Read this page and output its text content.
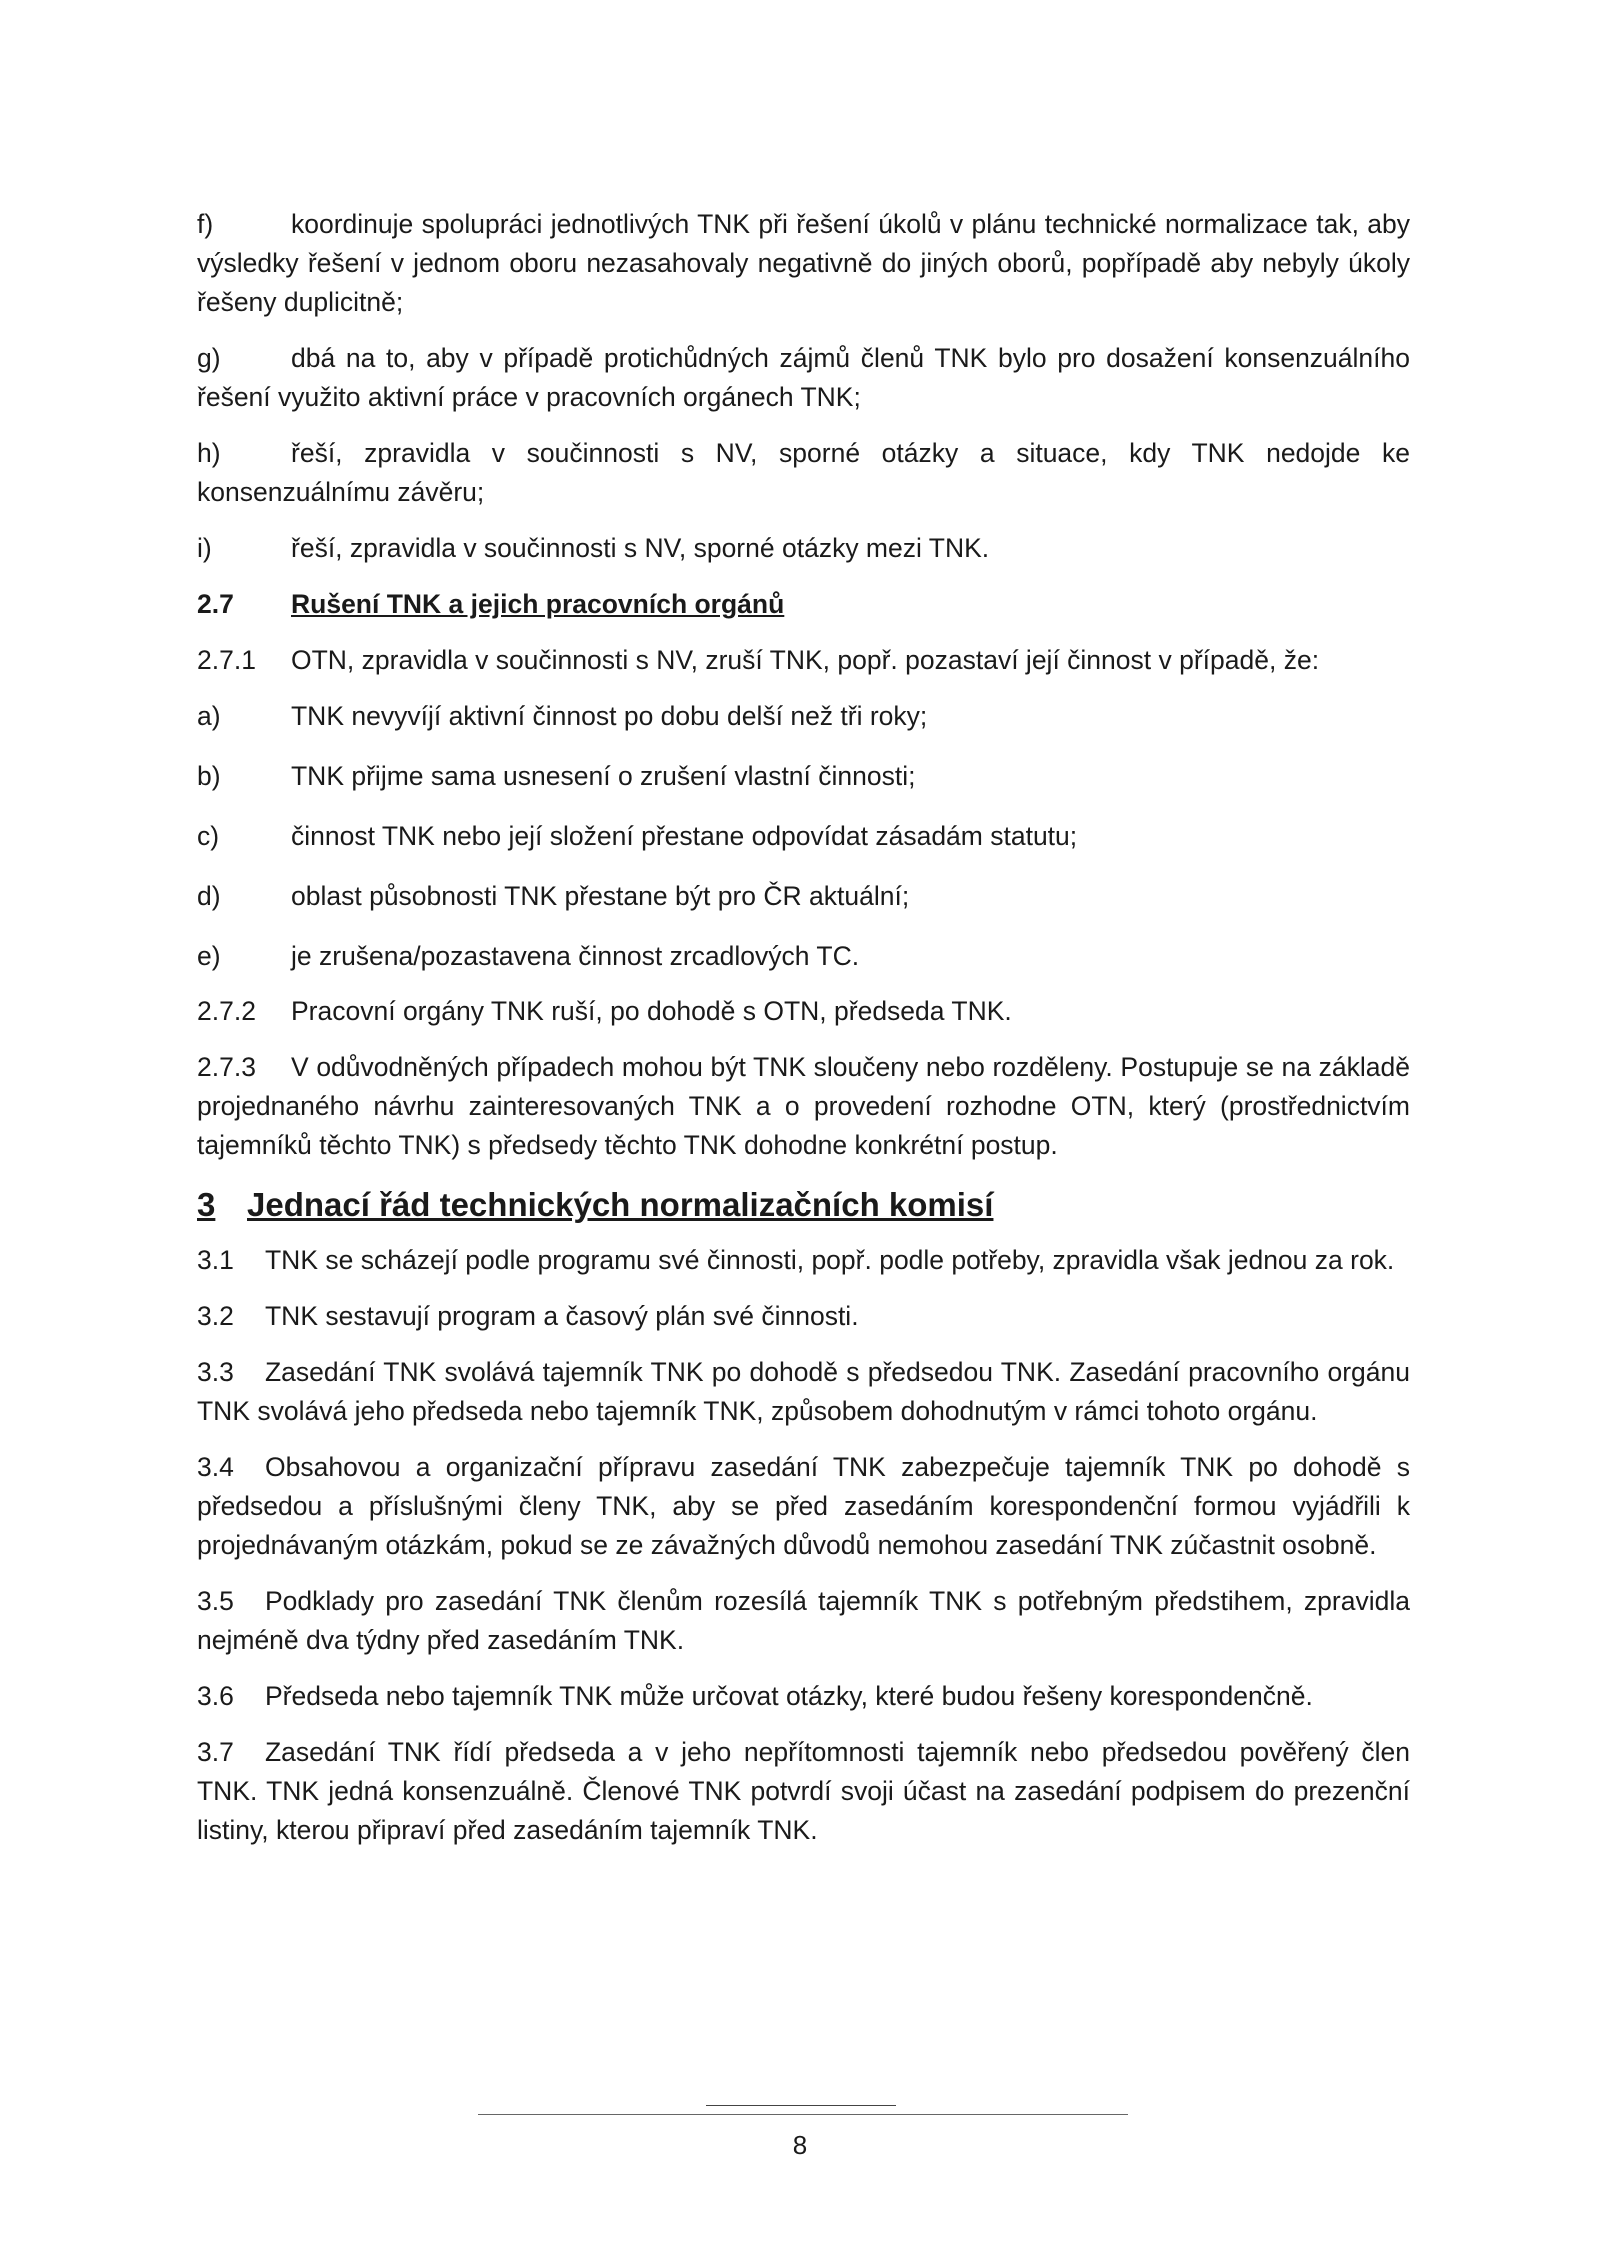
f)	koordinuje spolupráci jednotlivých TNK při řešení úkolů v plánu technické normalizace tak, aby výsledky řešení v jednom oboru nezasahovaly negativně do jiných oborů, popřípadě aby nebyly úkoly řešeny duplicitně;

g)	dbá na to, aby v případě protichůdných zájmů členů TNK bylo pro dosažení konsenzuálního řešení využito aktivní práce v pracovních orgánech TNK;

h)	řeší, zpravidla v součinnosti s NV, sporné otázky a situace, kdy TNK nedojde ke konsenzuálnímu závěru;

i)	řeší, zpravidla v součinnosti s NV, sporné otázky mezi TNK.

2.7	Rušení TNK a jejich pracovních orgánů

2.7.1 OTN, zpravidla v součinnosti s NV, zruší TNK, popř. pozastaví její činnost v případě, že:

a)	TNK nevyvíjí aktivní činnost po dobu delší než tři roky;
b)	TNK přijme sama usnesení o zrušení vlastní činnosti;
c)	činnost TNK nebo její složení přestane odpovídat zásadám statutu;
d)	oblast působnosti TNK přestane být pro ČR aktuální;
e)	je zrušena/pozastavena činnost zrcadlových TC.

2.7.2 Pracovní orgány TNK ruší, po dohodě s OTN, předseda TNK.

2.7.3 V odůvodněných případech mohou být TNK sloučeny nebo rozděleny. Postupuje se na základě projednaného návrhu zainteresovaných TNK a o provedení rozhodne OTN, který (prostřednictvím tajemníků těchto TNK) s předsedy těchto TNK dohodne konkrétní postup.

3 Jednací řád technických normalizačních komisí

3.1 TNK se scházejí podle programu své činnosti, popř. podle potřeby, zpravidla však jednou za rok.

3.2 TNK sestavují program a časový plán své činnosti.

3.3 Zasedání TNK svolává tajemník TNK po dohodě s předsedou TNK. Zasedání pracovního orgánu TNK svolává jeho předseda nebo tajemník TNK, způsobem dohodnutým v rámci tohoto orgánu.

3.4 Obsahovou a organizační přípravu zasedání TNK zabezpečuje tajemník TNK po dohodě s předsedou a příslušnými členy TNK, aby se před zasedáním korespondenční formou vyjádřili k projednávaným otázkám, pokud se ze závažných důvodů nemohou zasedání TNK zúčastnit osobně.

3.5 Podklady pro zasedání TNK členům rozesílá tajemník TNK s potřebným předstihem, zpravidla nejméně dva týdny před zasedáním TNK.

3.6 Předseda nebo tajemník TNK může určovat otázky, které budou řešeny korespondenčně.

3.7 Zasedání TNK řídí předseda a v jeho nepřítomnosti tajemník nebo předsedou pověřený člen TNK. TNK jedná konsenzuálně. Členové TNK potvrdí svoji účast na zasedání podpisem do prezenční listiny, kterou připraví před zasedáním tajemník TNK.

8
